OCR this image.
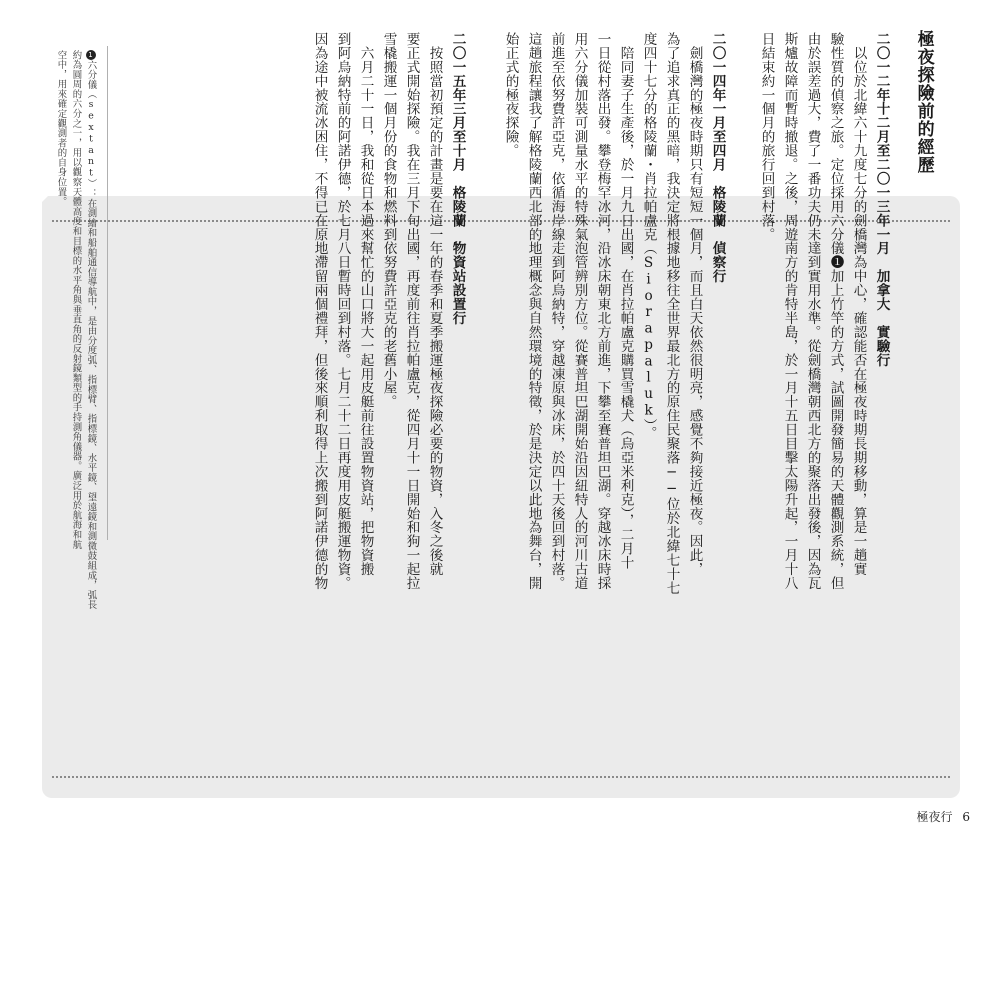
極夜探險前的經歷
二〇一二年十二月至二〇一三年一月　加拿大　實驗行
　以位於北緯六十九度七分的劍橋灣為中心，確認能否在極夜時期長期移動，算是一趟實
驗性質的偵察之旅。定位採用六分儀❶加上竹竿的方式，試圖開發簡易的天體觀測系統，但
由於誤差過大，費了一番功夫仍未達到實用水準。從劍橋灣朝西北方的聚落出發後，因為瓦
斯爐故障而暫時撤退。之後，周遊南方的肯特半島，於一月十五日目擊太陽升起，一月十八
日結束約一個月的旅行回到村落。
二〇一四年一月至四月　格陵蘭　偵察行
　劍橋灣的極夜時期只有短短一個月，而且白天依然很明亮，感覺不夠接近極夜。因此，
為了追求真正的黑暗，我決定將根據地移往全世界最北方的原住民聚落──位於北緯七十七
度四十七分的格陵蘭・肖拉帕盧克（Siorapaluk）。
　陪同妻子生產後，於一月九日出國，在肖拉帕盧克購買雪橇犬（烏亞米利克），二月十
一日從村落出發。攀登梅罕冰河，沿冰床朝東北方前進，下攀至賽普坦巴湖。穿越冰床時採
用六分儀加裝可測量水平的特殊氣泡管辨別方位。從賽普坦巴湖開始沿因紐特人的河川古道
前進至依努費許亞克，依循海岸線走到阿烏納特，穿越凍原與冰床，於四十天後回到村落。
這趟旅程讓我了解格陵蘭西北部的地理概念與自然環境的特徵，於是決定以此地為舞台，開
始正式的極夜探險。
二〇一五年三月至十月　格陵蘭　物資站設置行
　按照當初預定的計畫是要在這一年的春季和夏季搬運極夜探險必要的物資，入冬之後就
要正式開始探險。我在三月下旬出國，再度前往肖拉帕盧克，從四月十一日開始和狗一起拉
雪橇搬運一個月份的食物和燃料到依努費許亞克的老舊小屋。
　六月二十一日，我和從日本過來幫忙的山口將大一起用皮艇前往設置物資站，把物資搬
到阿烏納特前的阿諾伊德，於七月八日暫時回到村落。七月二十二日再度用皮艇搬運物資。
因為途中被流冰困住，不得已在原地滯留兩個禮拜，但後來順利取得上次搬到阿諾伊德的物
1六分儀（sextant）：在測繪和船舶通信導航中，是由分度弧、指標臂、指標鏡、水平鏡、望遠鏡和測微鼓組成，弧長
約為圓周的六分之一，用以觀察天體高度和目標的水平角與垂直角的反射鏡類型的手持測角儀器。廣泛用於航海和航
空中，用來確定觀測者的自身位置。
極夜行 6
